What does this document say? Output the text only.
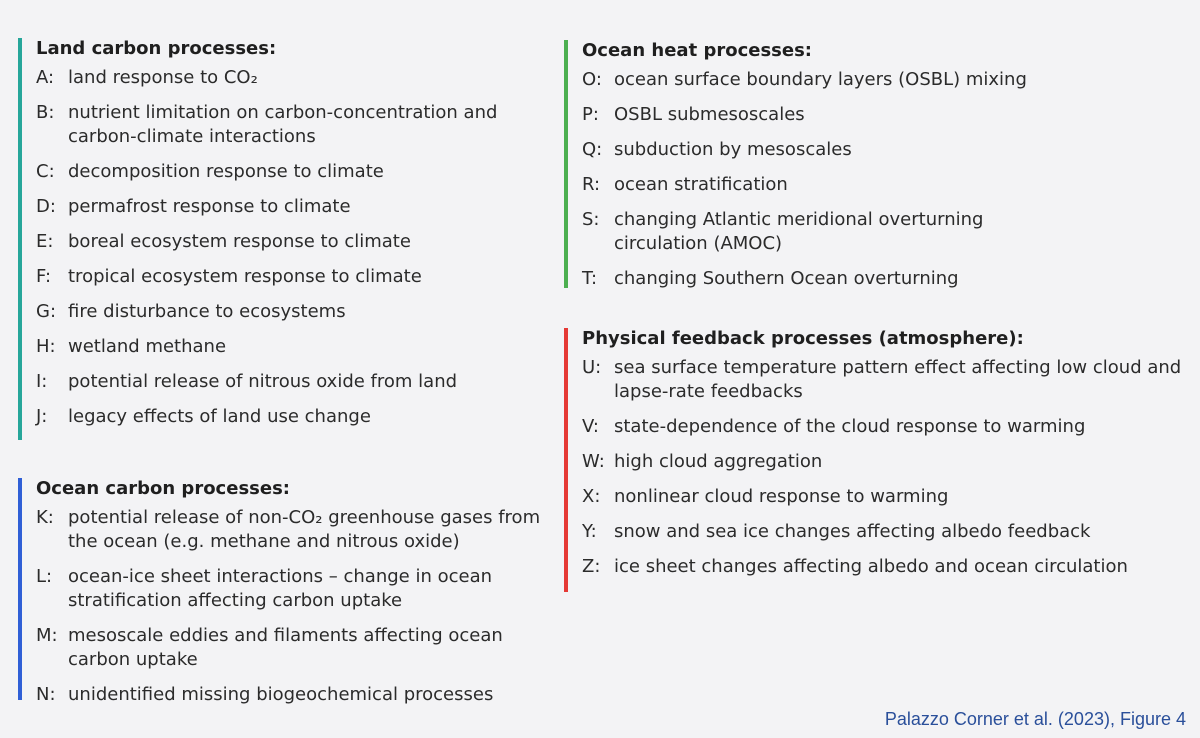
Land carbon processes:
A: land response to CO₂
B: nutrient limitation on carbon-concentration and carbon-climate interactions
C: decomposition response to climate
D: permafrost response to climate
E: boreal ecosystem response to climate
F: tropical ecosystem response to climate
G: fire disturbance to ecosystems
H: wetland methane
I:	potential release of nitrous oxide from land
J:	legacy effects of land use change
Ocean carbon processes:
K: potential release of non-CO₂ greenhouse gases from the ocean (e.g. methane and nitrous oxide)
L: ocean-ice sheet interactions – change in ocean stratification affecting carbon uptake
M: mesoscale eddies and filaments affecting ocean carbon uptake
N: unidentified missing biogeochemical processes
Ocean heat processes:
O: ocean surface boundary layers (OSBL) mixing
P: OSBL submesoscales
Q: subduction by mesoscales
R: ocean stratification
S: changing Atlantic meridional overturning circulation (AMOC)
T: changing Southern Ocean overturning
Physical feedback processes (atmosphere):
U: sea surface temperature pattern effect affecting low cloud and lapse-rate feedbacks
V: state-dependence of the cloud response to warming
W: high cloud aggregation
X: nonlinear cloud response to warming
Y: snow and sea ice changes affecting albedo feedback
Z: ice sheet changes affecting albedo and ocean circulation
Palazzo Corner et al. (2023), Figure 4
